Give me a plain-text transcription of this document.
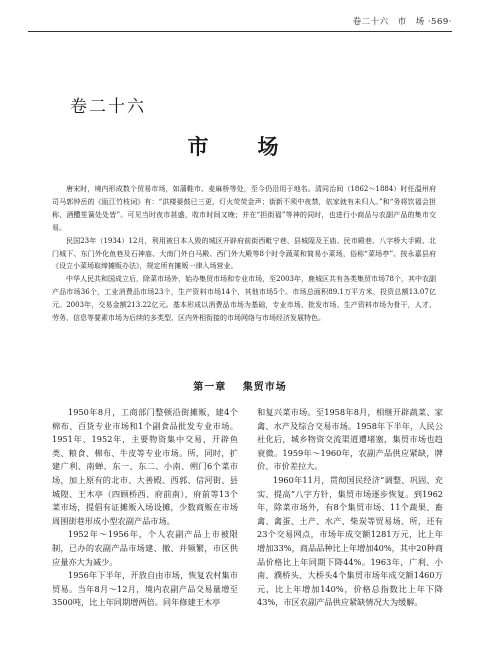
卷二十六　市　场 ·569·
卷二十六
市　场

唐宋时，境内形成数个贸易市场，如蒲鞋市、麦麻桥等处，至今仍沿用于地名。清同治间（1862～1884）时任温州府司马郭钟岳的《瓯江竹枝词》有：“洪楼晏鼓已三更，灯火荧荧金声；街新不须中夜禁，依家就有未归人。”和“务将饮福会担称，酒醴笙簧处处皆”。可见当时夜市甚盛，收市时间又晚；并在“担街福”等神的同时，也进行小商品与农副产品的集市交易。

民国23年（1934）12月，利用被日本人毁的城区开辟府前街西毗宁巷、县城隍及王庙、民市殿巷、八字桥大手殿、北门城下、东门外化鱼巷及石神庙、大南门外白马殿、西门外大殿等8个时令蔬菜和简易小菜场，俗称“菜场亭”。按永嘉县府《设立小菜场取缔摊贩办法》，规定所有摊贩一律入场营业。

中华人民共和国成立后，除菜市场外，始办集贸市场和专业市场，至2003年，鹿城区共有各类集贸市场78个，其中农副产品市场36个，工业消费品市场23个，生产资料市场14个，其他市场5个。市场总面积89.1万平方米，投资总额13.07亿元。2003年，交易金额213.22亿元。基本形成以消费品市场为基础，专业市场、批发市场、生产资料市场为骨干，人才、劳务、信息等要素市场为后续的多类型、区内外相衔接的市场网络与市场经济发展特色。

第一章 集贸市场

1950年8月，工商部门整顿沿街摊贩，建4个棉布、百货专业市场和1个副食品批发专业市场。1951年、1952年，主要物资集中交易，开辟鱼类、粮食、棉布、牛皮等专业市场。所，同时，扩建广利、南蝉、东一、东二、小南、朔门6个菜市场，加上原有的北市、大善殿、西郭、信河街、县城隍、王木亭（四顾桥西、府前南），府前等13个菜市场，提倡有证摊贩入场设摊，少数商贩在市场周围街巷形成小型农副产品市场。

1952年～1956年，个人农副产品上市被限制，已办的农副产品市场建、撤、并频繁，市区供应量亦大为减少。

1956年下半年，开放自由市场，恢复农村集市贸易。当年8月～12月，境内农副产品交易量增至3500吨，比上年同期增两倍。同年修建王木亭

和复兴菜市场。至1958年8月，相继开辟蔬菜、家禽、水产及综合交易市场。1958年下半年，人民公社化后，城乡物资交流渠道遭堵塞，集贸市场也趋衰微。1959年～1960年，农副产品供应紧缺，牌价、市价差拉大。

1960年11月，贯彻国民经济“调整、巩固、充实、提高”八字方针，集贸市场逐步恢复。到1962年，除菜市场外，有8个集贸市场、11个蔬果、畜禽、禽蛋、土产、水产、柴炭等贸易场、所，还有23个交易网点，市场年成交额1281万元，比上年增加33%，商品品种比上年增加40%，其中20种商品价格比上年同期下降44%。1963年，广利、小南、濮桥头、大桥头4个集贸市场年成交额1460万元，比上年增加140%，价格总指数比上年下降43%，市区农副产品供应紧缺情况大为缓解。
